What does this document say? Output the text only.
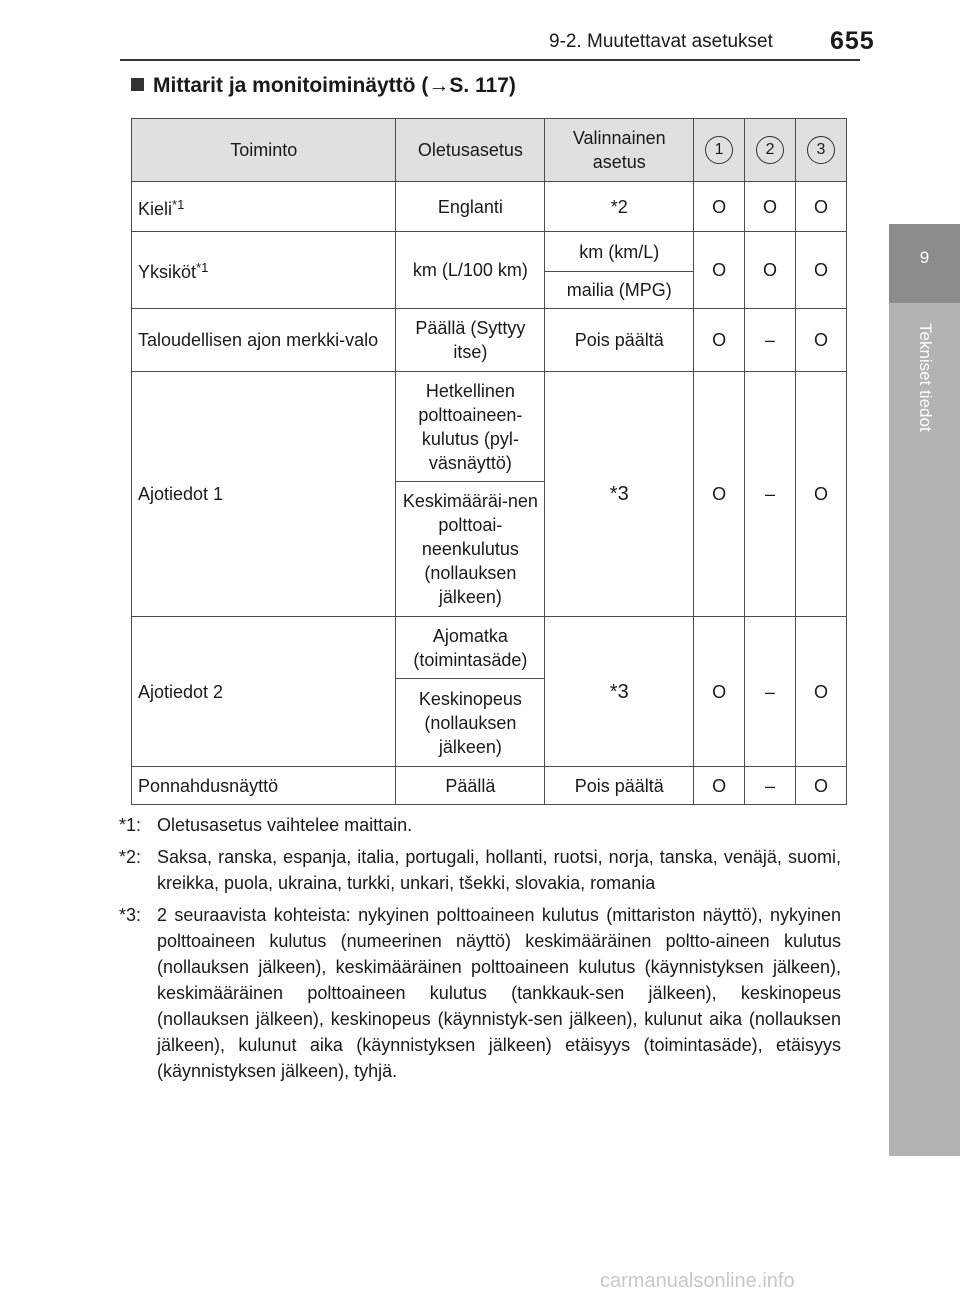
9-2. Muutettavat asetukset 655
9
Tekniset tiedot
Mittarit ja monitoiminäyttö (→S. 117)
Toiminto	Oletusasetus	Valinnainen asetus	1	2	3
Kieli$^{*1}$	Englanti	*2	O	O	O
Yksiköt$^{*1}$	km (L/100 km)	km (km/L)	O	O	O
		mailia (MPG)			
Taloudellisen ajon merkki-valo	Päällä (Syttyy itse)	Pois päältä	O	–	O
Ajotiedot 1	Hetkellinen polttoaineen-kulutus (pyl-väsnäyttö)	*3	O	–	O
	Keskimääräi-nen polttoai-neenkulutus (nollauksen jälkeen)				
Ajotiedot 2	Ajomatka (toimintasäde)	*3	O	–	O
	Keskinopeus (nollauksen jälkeen)				
Ponnahdusnäyttö	Päällä	Pois päältä	O	–	O
*1: Oletusasetus vaihtelee maittain.
*2: Saksa, ranska, espanja, italia, portugali, hollanti, ruotsi, norja, tanska, venäjä, suomi, kreikka, puola, ukraina, turkki, unkari, tšekki, slovakia, romania
*3: 2 seuraavista kohteista: nykyinen polttoaineen kulutus (mittariston näyttö), nykyinen polttoaineen kulutus (numeerinen näyttö) keskimääräinen poltto-aineen kulutus (nollauksen jälkeen), keskimääräinen polttoaineen kulutus (käynnistyksen jälkeen), keskimääräinen polttoaineen kulutus (tankkauk-sen jälkeen), keskinopeus (nollauksen jälkeen), keskinopeus (käynnistyk-sen jälkeen), kulunut aika (nollauksen jälkeen), kulunut aika (käynnistyksen jälkeen) etäisyys (toimintasäde), etäisyys (käynnistyksen jälkeen), tyhjä.
carmanualsonline.info
